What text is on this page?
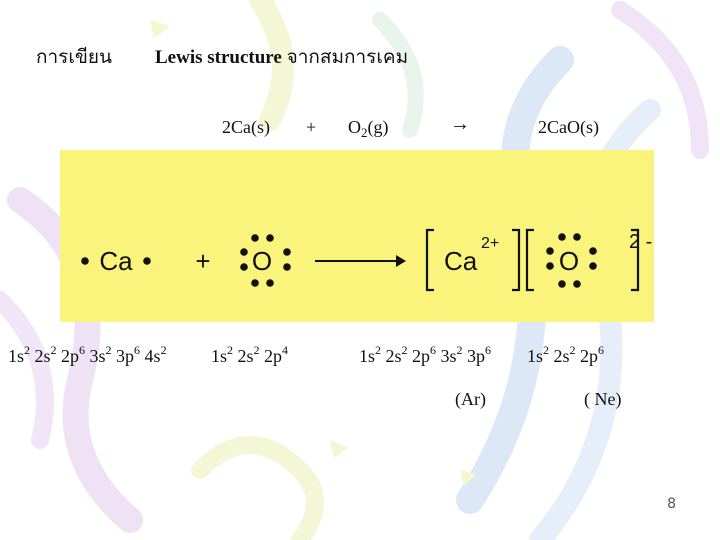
การเขียน Lewis structure จากสมการเคม
$2Ca(s) + O_2(g)$	→	2CaO(s)
Ca + O	Ca
2+
O
2 -
$1s^2$ $2s^2$ $2p^6$ $3s^2$ $3p^6$ $4s^2$ $1s^2$ $2s^2$ $2p^4$	$1s^2$ $2s^2$ $2p^6$ $3s^2$ $3p^6$ $1s^2$ $2s^2$ $2p^6$
(Ar)	( Ne)
8
